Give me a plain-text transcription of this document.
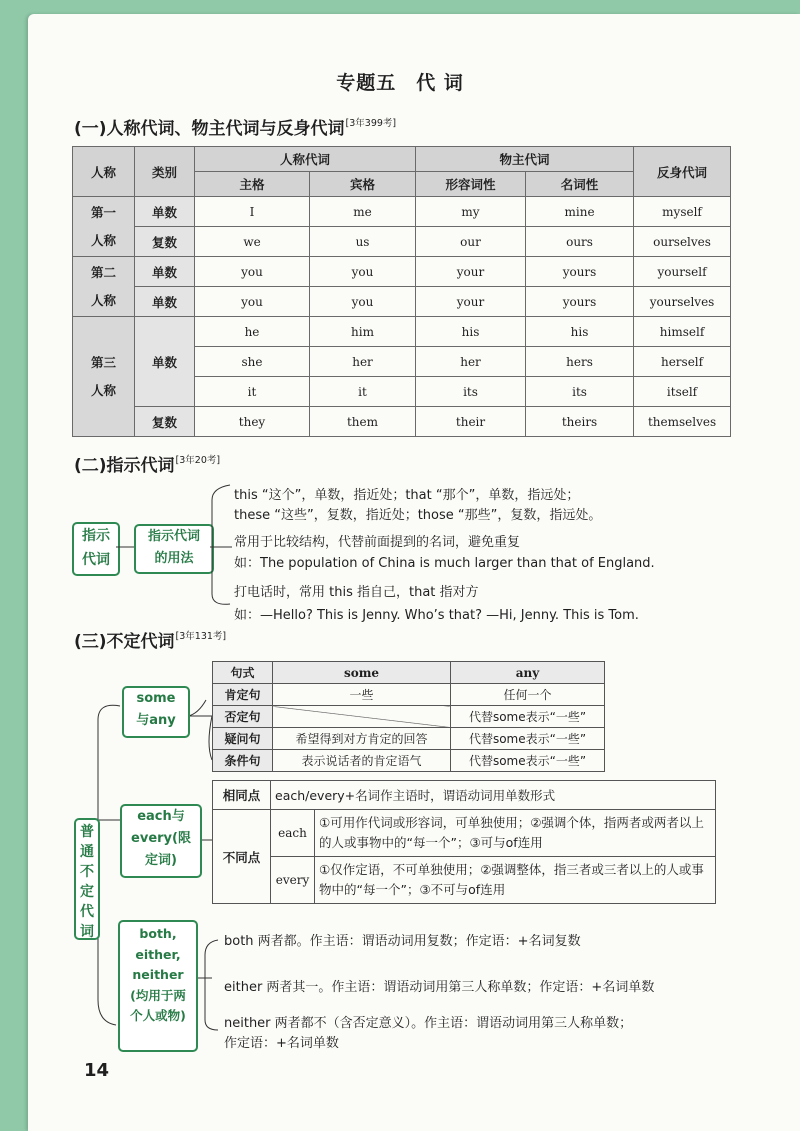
专题五　代 词
(一)人称代词、物主代词与反身代词[3年399考]
人称	类别	人称代词		物主代词		反身代词
		主格	宾格	形容词性	名词性	
第一人称	单数	I	me	my	mine	myself
	复数	we	us	our	ours	ourselves
第二人称	单数	you	you	your	yours	yourself
	单数	you	you	your	yours	yourselves
第三人称	单数	he	him	his	his	himself
		she	her	her	hers	herself
		it	it	its	its	itself
	复数	they	them	their	theirs	themselves
(二)指示代词[3年20考]
指示代词
指示代词的用法
this “这个”，单数，指近处；that “那个”，单数，指远处；
these “这些”，复数，指近处；those “那些”，复数，指远处。
常用于比较结构，代替前面提到的名词，避免重复
如：The population of China is much larger than that of England.
打电话时，常用 this 指自己，that 指对方
如：—Hello? This is Jenny. Who’s that? —Hi, Jenny. This is Tom.
(三)不定代词[3年131考]
普通不定代词
some与any
句式	some	any
肯定句	一些	任何一个
否定句		代替some表示“一些”
疑问句	希望得到对方肯定的回答	代替some表示“一些”
条件句	表示说话者的肯定语气	代替some表示“一些”
each与every(限定词)
相同点	each/every+名词作主语时，谓语动词用单数形式	
不同点	each	①可用作代词或形容词，可单独使用；②强调个体，指两者或两者以上的人或事物中的“每一个”；③可与of连用
	every	①仅作定语，不可单独使用；②强调整体，指三者或三者以上的人或事物中的“每一个”；③不可与of连用
both, either, neither (均用于两个人或物)
both 两者都。作主语：谓语动词用复数；作定语：+名词复数
either 两者其一。作主语：谓语动词用第三人称单数；作定语：+名词单数
neither 两者都不（含否定意义）。作主语：谓语动词用第三人称单数；
作定语：+名词单数
14
